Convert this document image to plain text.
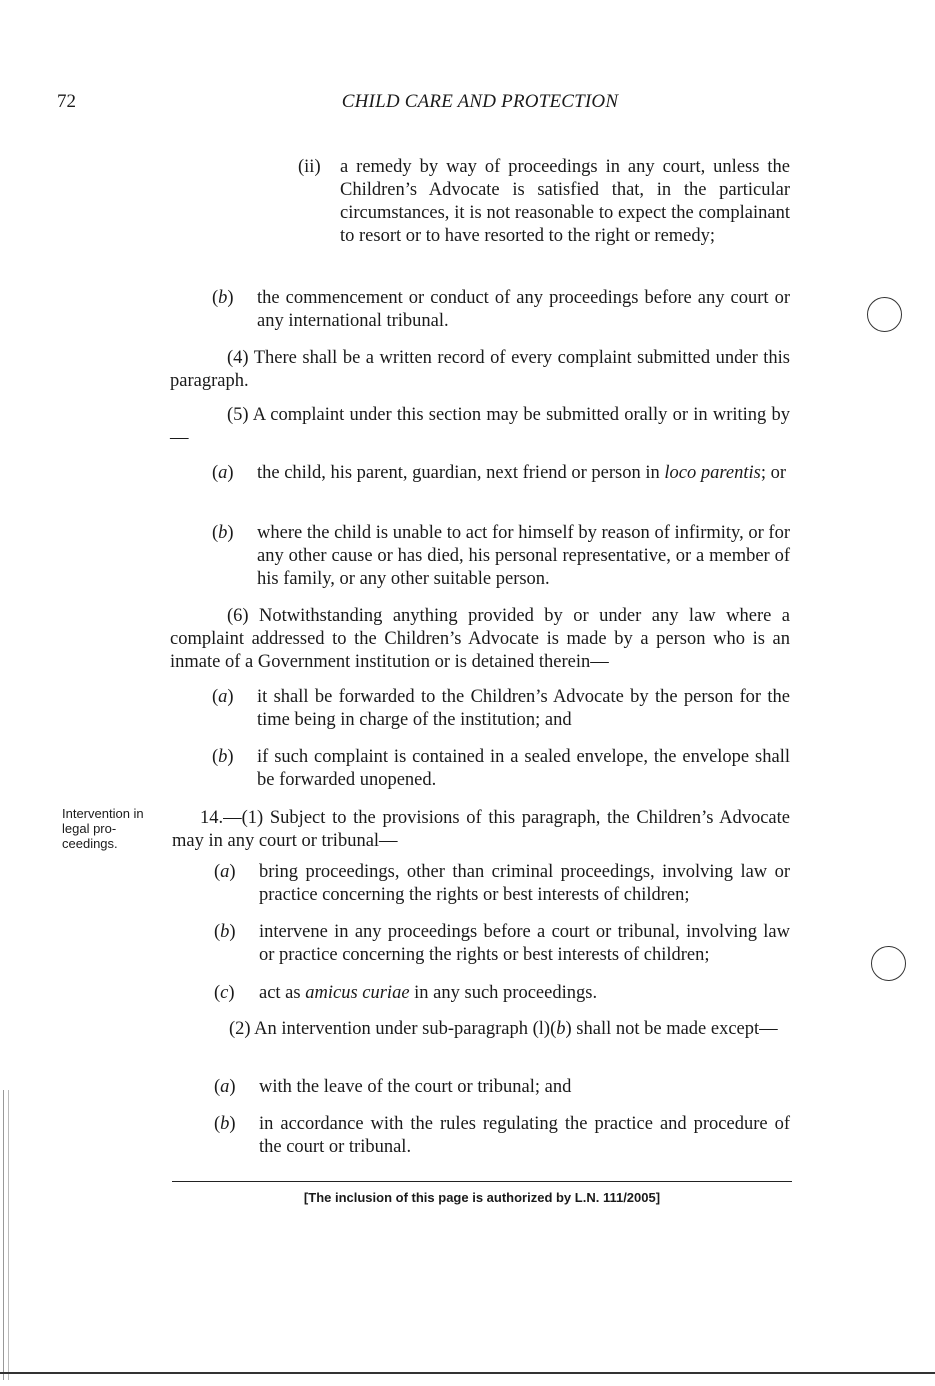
72	CHILD CARE AND PROTECTION
(ii)	a remedy by way of proceedings in any court, unless the Children’s Advocate is satisfied that, in the particular circumstances, it is not reasonable to expect the complainant to resort or to have resorted to the right or remedy;
(b)	the commencement or conduct of any proceedings before any court or any international tribunal.

(4) There shall be a written record of every complaint submitted under this paragraph.

(5) A complaint under this section may be submitted orally or in writing by—

(a)	the child, his parent, guardian, next friend or person in loco parentis; or
(b)	where the child is unable to act for himself by reason of infirmity, or for any other cause or has died, his personal representative, or a member of his family, or any other suitable person.

(6) Notwithstanding anything provided by or under any law where a complaint addressed to the Children’s Advocate is made by a person who is an inmate of a Government institution or is detained therein—

(a)	it shall be forwarded to the Children’s Advocate by the person for the time being in charge of the institution; and
(b)	if such complaint is contained in a sealed envelope, the envelope shall be forwarded unopened.
Intervention in legal pro-ceedings.

14.—(1) Subject to the provisions of this paragraph, the Children’s Advocate may in any court or tribunal—

(a)	bring proceedings, other than criminal proceedings, involving law or practice concerning the rights or best interests of children;
(b)	intervene in any proceedings before a court or tribunal, involving law or practice concerning the rights or best interests of children;
(c)	act as amicus curiae in any such proceedings.

(2) An intervention under sub-paragraph (l)(b) shall not be made except—

(a)	with the leave of the court or tribunal; and
(b)	in accordance with the rules regulating the practice and procedure of the court or tribunal.
[The inclusion of this page is authorized by L.N. 111/2005]
